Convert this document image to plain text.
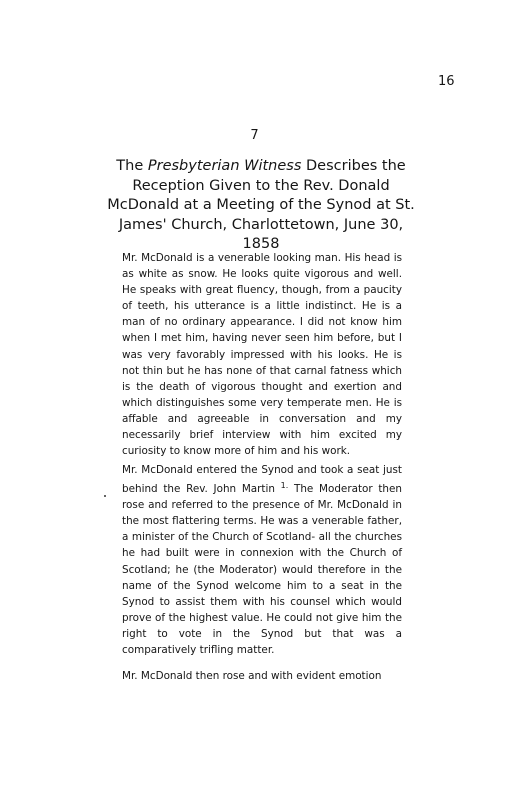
16
7
The Presbyterian Witness Describes the Reception Given to the Rev. Donald McDonald at a Meeting of the Synod at St. James' Church, Charlottetown, June 30, 1858

Mr. McDonald is a venerable looking man. His head is as white as snow. He looks quite vigorous and well. He speaks with great fluency, though, from a paucity of teeth, his utterance is a little indistinct. He is a man of no ordinary appearance. I did not know him when I met him, having never seen him before, but I was very favorably impressed with his looks. He is not thin but he has none of that carnal fatness which is the death of vigorous thought and exertion and which distinguishes some very temperate men. He is affable and agreeable in conversation and my necessarily brief interview with him excited my curiosity to know more of him and his work.

Mr. McDonald entered the Synod and took a seat just behind the Rev. John Martin $^{1.}$ The Moderator then rose and referred to the presence of Mr. McDonald in the most flattering terms. He was a venerable father, a minister of the Church of Scotland- all the churches he had built were in connexion with the Church of Scotland; he (the Moderator) would therefore in the name of the Synod welcome him to a seat in the Synod to assist them with his counsel which would prove of the highest value. He could not give him the right to vote in the Synod but that was a comparatively trifling matter.

Mr. McDonald then rose and with evident emotion
